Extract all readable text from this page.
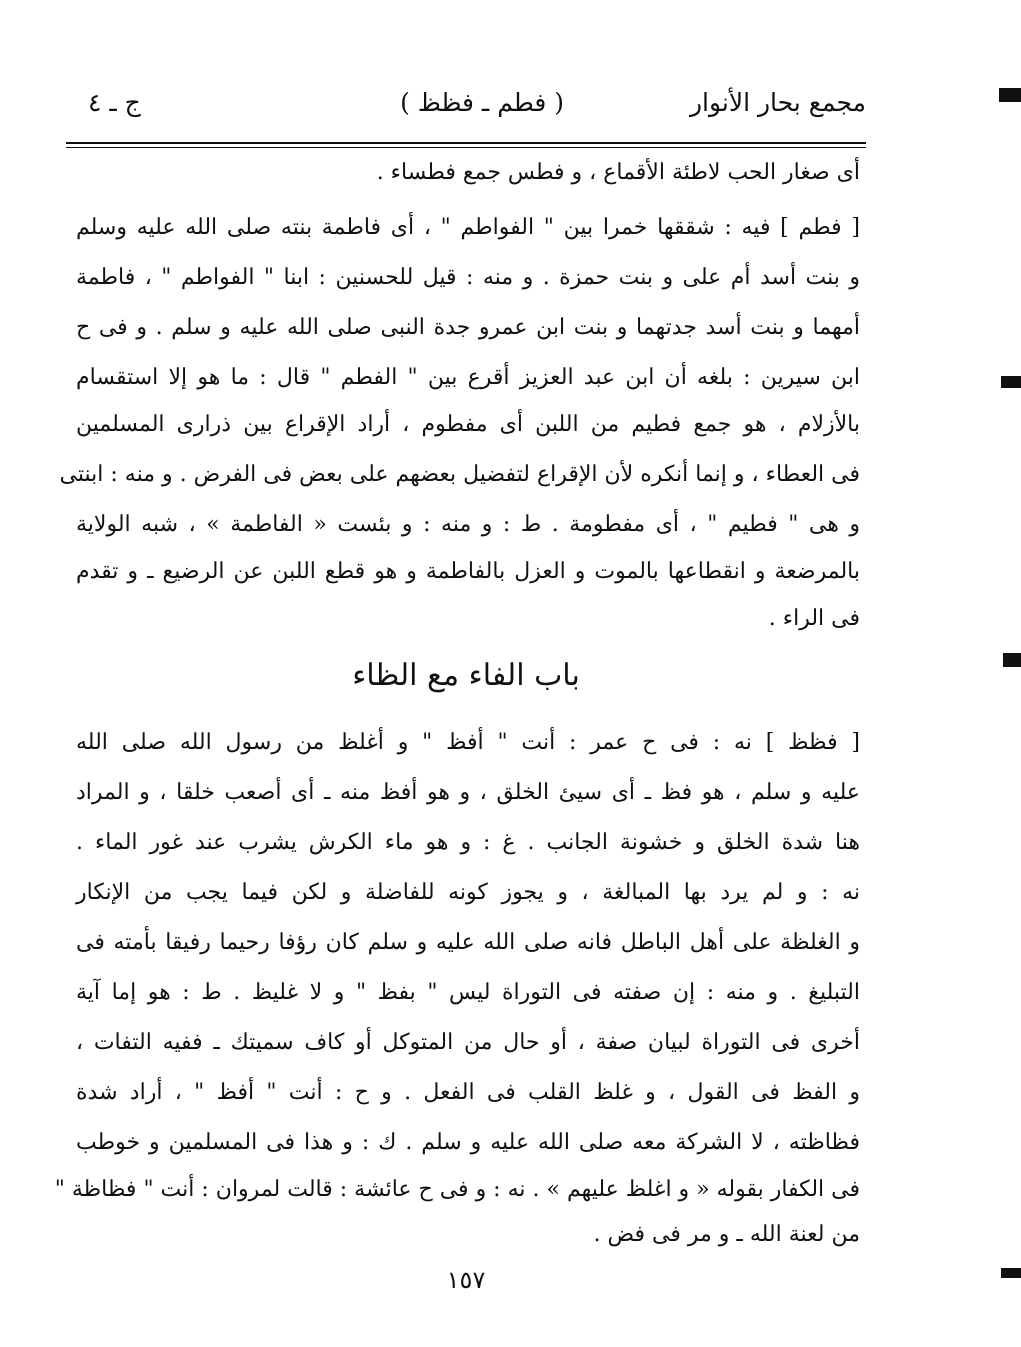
مجمع بحار الأنوار
( فطم ـ فظظ )
ج ـ ٤
أى صغار الحب لاطئة الأقماع ، و فطس جمع فطساء .
[ فطم ] فيه : شققها خمرا بين " الفواطم " ، أى فاطمة بنته صلى الله عليه وسلم
و بنت أسد أم على و بنت حمزة . و منه : قيل للحسنين : ابنا " الفواطم " ، فاطمة
أمهما و بنت أسد جدتهما و بنت ابن عمرو جدة النبى صلى الله عليه و سلم . و فى ح
ابن سيرين : بلغه أن ابن عبد العزيز أقرع بين " الفطم " قال : ما هو إلا استقسام
بالأزلام ، هو جمع فطيم من اللبن أى مفطوم ، أراد الإقراع بين ذرارى المسلمين
فى العطاء ، و إنما أنكره لأن الإقراع لتفضيل بعضهم على بعض فى الفرض . و منه : ابنتى
و هى " فطيم " ، أى مفطومة . ط : و منه : و بئست « الفاطمة » ، شبه الولاية
بالمرضعة و انقطاعها بالموت و العزل بالفاطمة و هو قطع اللبن عن الرضيع ـ و تقدم
فى الراء .
باب الفاء مع الظاء
[ فظظ ] نه : فى ح عمر : أنت " أفظ " و أغلظ من رسول الله صلى الله
عليه و سلم ، هو فظ ـ أى سيئ الخلق ، و هو أفظ منه ـ أى أصعب خلقا ، و المراد
هنا شدة الخلق و خشونة الجانب . غ : و هو ماء الكرش يشرب عند غور الماء .
نه : و لم يرد بها المبالغة ، و يجوز كونه للفاضلة و لكن فيما يجب من الإنكار
و الغلظة على أهل الباطل فانه صلى الله عليه و سلم كان رؤفا رحيما رفيقا بأمته فى
التبليغ . و منه : إن صفته فى التوراة ليس " بفظ " و لا غليظ . ط : هو إما آية
أخرى فى التوراة لبيان صفة ، أو حال من المتوكل أو كاف سميتك ـ ففيه التفات ،
و الفظ فى القول ، و غلظ القلب فى الفعل . و ح : أنت " أفظ " ، أراد شدة
فظاظته ، لا الشركة معه صلى الله عليه و سلم . ك : و هذا فى المسلمين و خوطب
فى الكفار بقوله « و اغلظ عليهم » . نه : و فى ح عائشة : قالت لمروان : أنت " فظاظة "
من لعنة الله ـ و مر فى فض .
١٥٧
